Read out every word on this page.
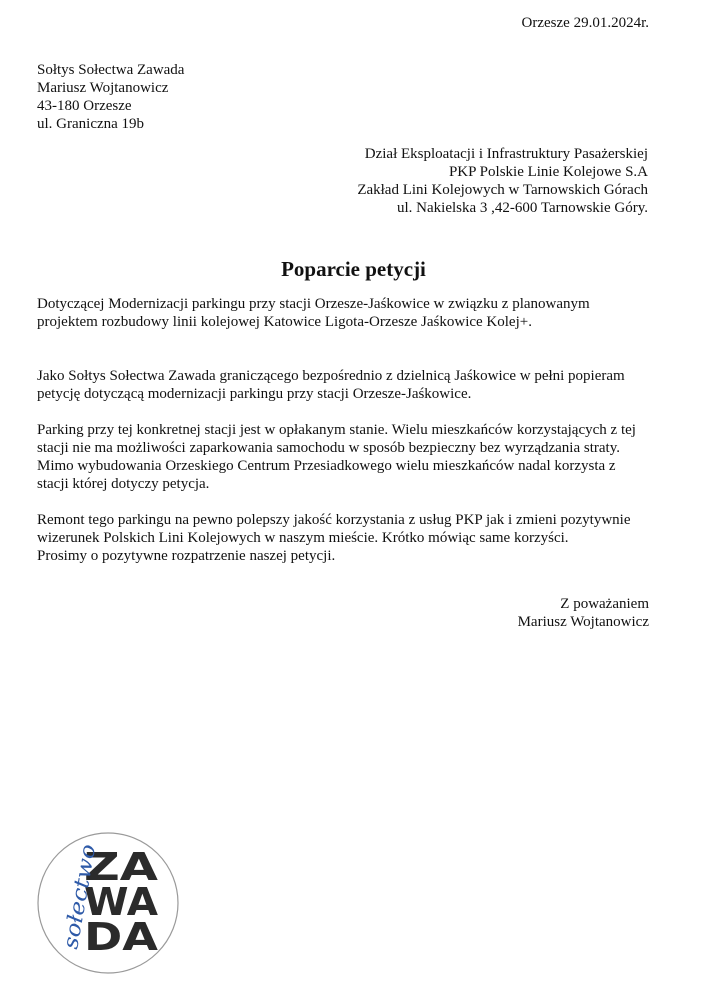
Orzesze 29.01.2024r.
Sołtys Sołectwa Zawada
Mariusz Wojtanowicz
43-180 Orzesze
ul. Graniczna 19b
Dział Eksploatacji i Infrastruktury Pasażerskiej
PKP Polskie Linie Kolejowe S.A
Zakład Lini Kolejowych w Tarnowskich Górach
ul. Nakielska 3 ,42-600 Tarnowskie Góry.
Poparcie petycji
Dotyczącej Modernizacji parkingu przy stacji Orzesze-Jaśkowice w związku z planowanym
projektem rozbudowy linii kolejowej Katowice Ligota-Orzesze Jaśkowice Kolej+.
Jako Sołtys Sołectwa Zawada graniczącego bezpośrednio z dzielnicą Jaśkowice w pełni popieram
petycję dotyczącą modernizacji parkingu przy stacji Orzesze-Jaśkowice.
Parking przy tej konkretnej stacji jest w opłakanym stanie. Wielu mieszkańców korzystających z tej
stacji nie ma możliwości zaparkowania samochodu w sposób bezpieczny bez wyrządzania straty.
Mimo wybudowania Orzeskiego Centrum Przesiadkowego wielu mieszkańców nadal korzysta z
stacji której dotyczy petycja.
Remont tego parkingu na pewno polepszy jakość korzystania z usług PKP jak i zmieni pozytywnie
wizerunek Polskich Lini Kolejowych w naszym mieście. Krótko mówiąc same korzyści.
Prosimy o pozytywne rozpatrzenie naszej petycji.
Z poważaniem
Mariusz Wojtanowicz
ZA
WA
DA
sołectwo
